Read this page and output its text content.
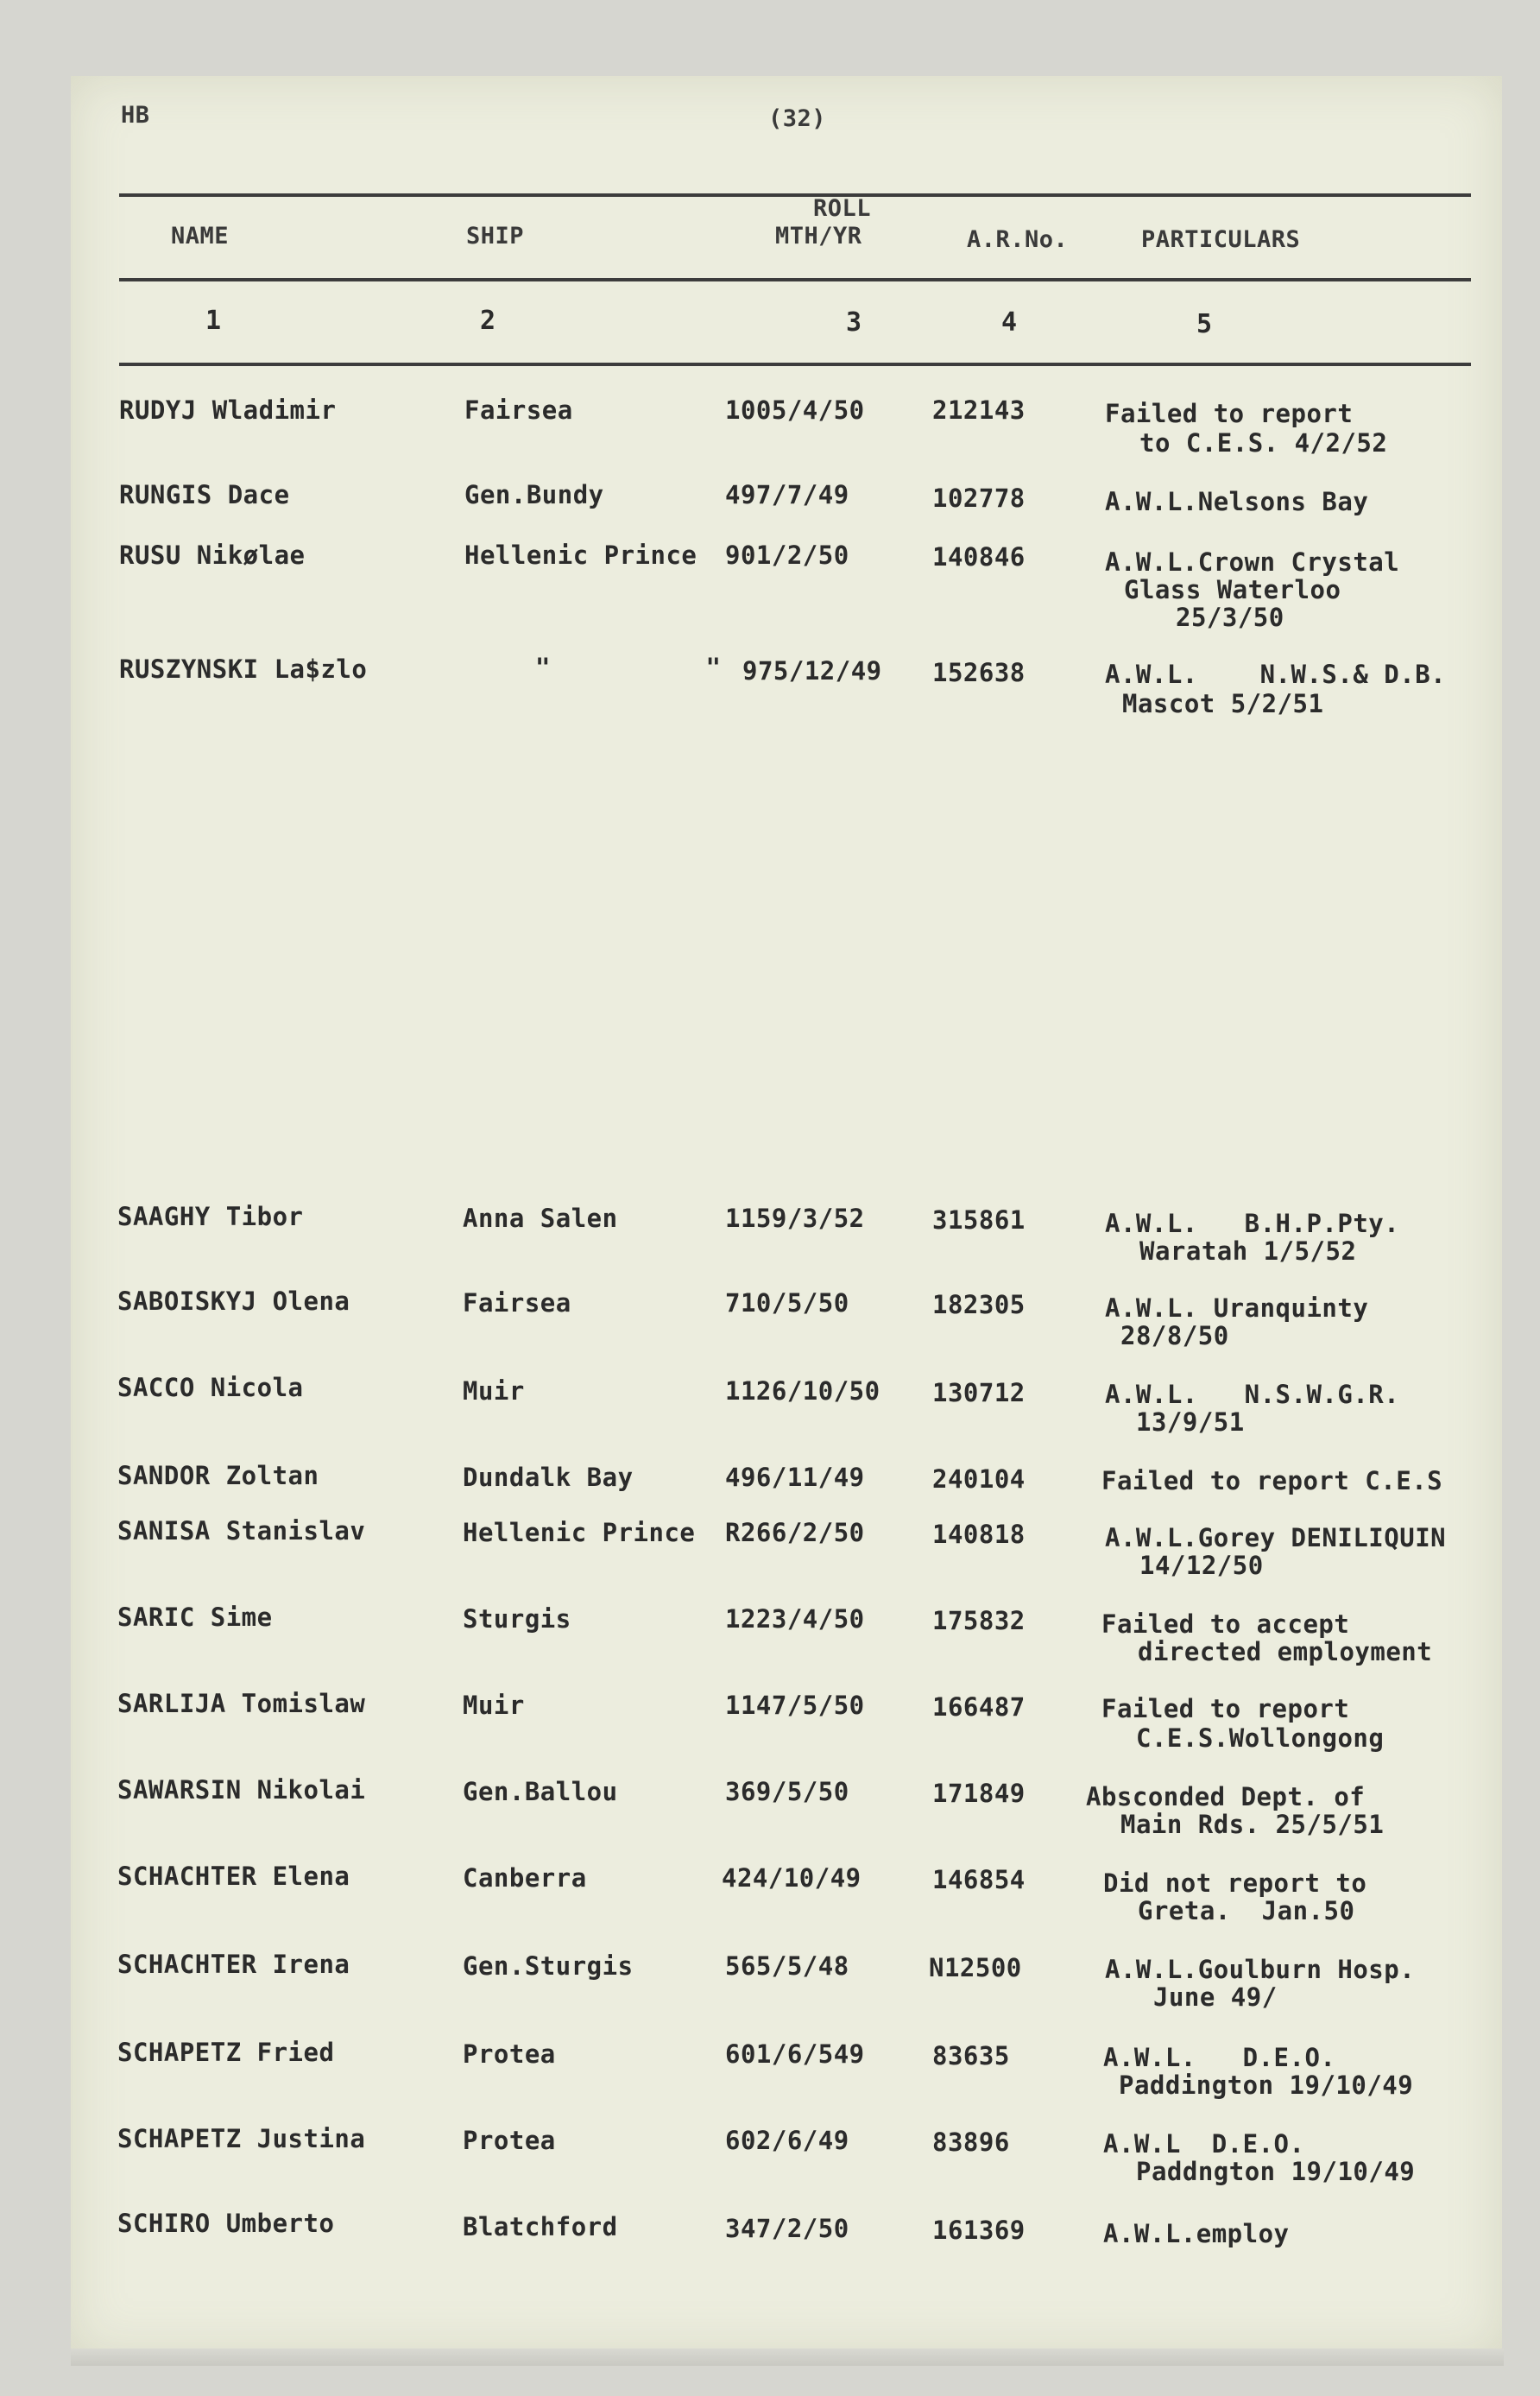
HB	(32)
NAME	SHIP
ROLL
MTH/YR	A.R.No.	PARTICULARS
1	2	3	4	5
RUDYJ Wladimir	Fairsea	1005/4/50	212143	Failed to report
to C.E.S. 4/2/52
RUNGIS Dace	Gen.Bundy	497/7/49	102778	A.W.L.Nelsons Bay
RUSU Nikølae	Hellenic Prince 901/2/50	140846	A.W.L.Crown Crystal
Glass Waterloo
25/3/50
RUSZYNSKI La$zlo	"          " 975/12/49 152638	A.W.L.    N.W.S.& D.B.
Mascot 5/2/51
SAAGHY Tibor	Anna Salen	1159/3/52	315861	A.W.L.   B.H.P.Pty.
Waratah 1/5/52
SABOISKYJ Olena	Fairsea	710/5/50	182305	A.W.L. Uranquinty
28/8/50
SACCO Nicola	Muir	1126/10/50 130712	A.W.L.   N.S.W.G.R.
13/9/51
SANDOR Zoltan	Dundalk Bay	496/11/49	240104	Failed to report C.E.S
SANISA Stanislav	Hellenic Prince R266/2/50	140818	A.W.L.Gorey DENILIQUIN
14/12/50
SARIC Sime	Sturgis	1223/4/50	175832	Failed to accept
directed employment
SARLIJA Tomislaw	Muir	1147/5/50	166487	Failed to report
C.E.S.Wollongong
SAWARSIN Nikolai	Gen.Ballou	369/5/50	171849 Absconded Dept. of
Main Rds. 25/5/51
SCHACHTER Elena	Canberra	424/10/49	146854	Did not report to
Greta.  Jan.50
SCHACHTER Irena	Gen.Sturgis	565/5/48	N12500	A.W.L.Goulburn Hosp.
June 49/
SCHAPETZ Fried	Protea	601/6/549	83635	A.W.L.   D.E.O.
Paddington 19/10/49
SCHAPETZ Justina	Protea	602/6/49	83896	A.W.L  D.E.O.
Paddngton 19/10/49
SCHIRO Umberto	Blatchford	347/2/50	161369	A.W.L.employ
